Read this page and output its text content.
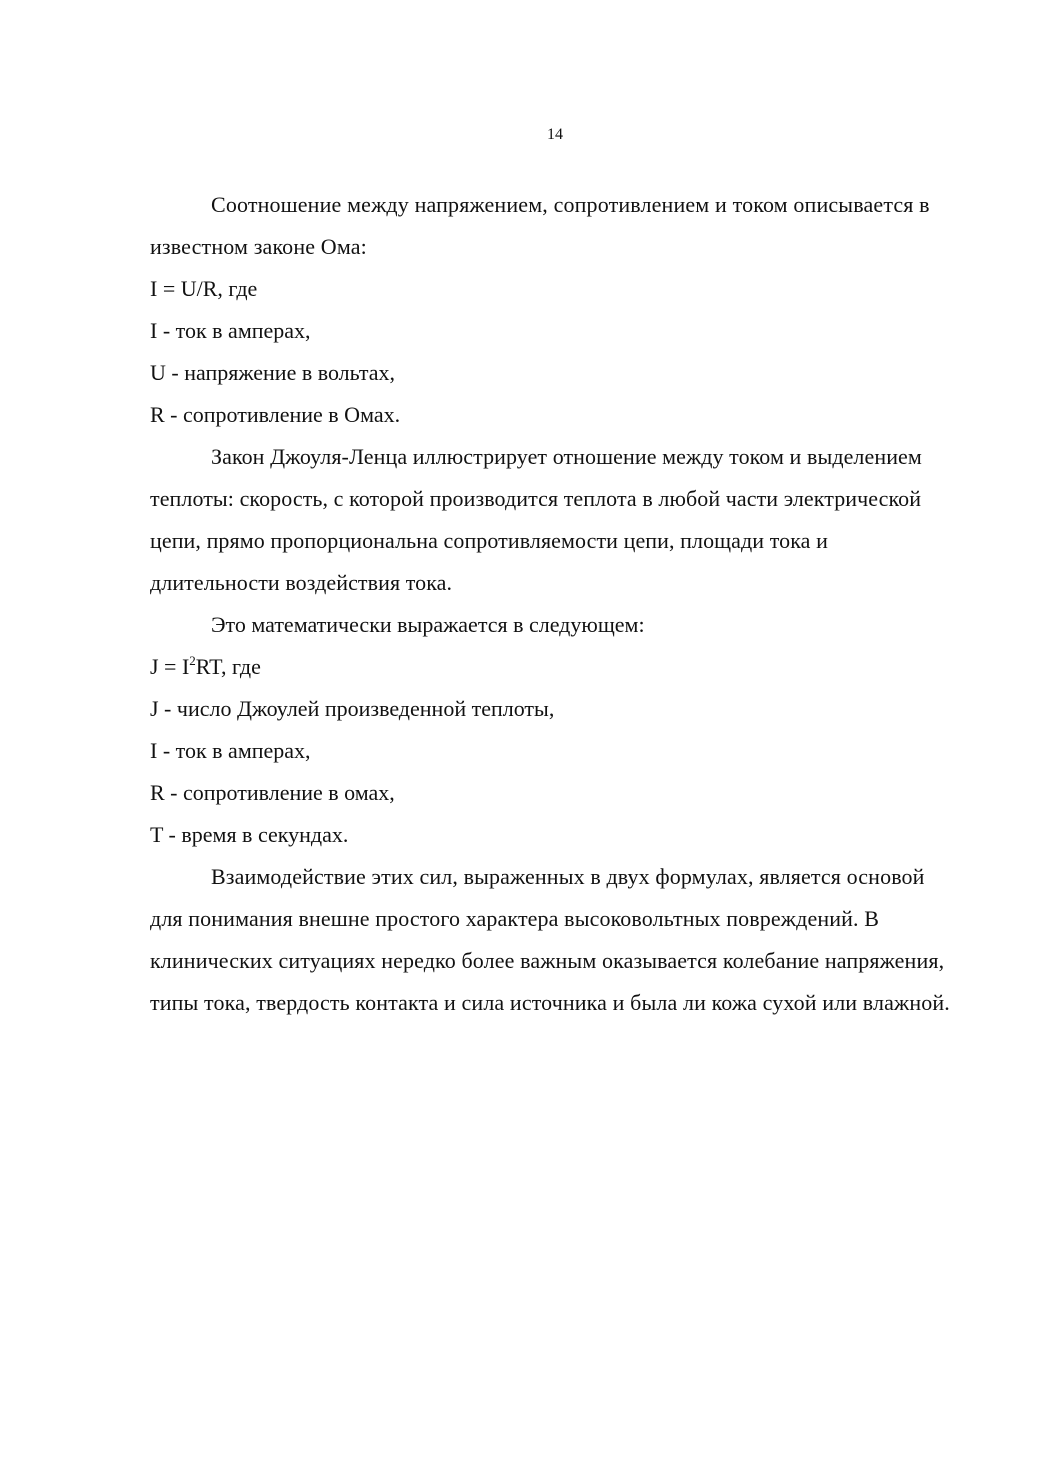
14

Соотношение между напряжением, сопротивлением и током описывается в известном законе Ома:

I = U/R, где

I - ток в амперах,

U - напряжение в вольтах,

R - сопротивление в Омах.

Закон Джоуля-Ленца иллюстрирует отношение между током и выделением теплоты: скорость, с которой производится теплота в любой части электрической цепи, прямо пропорциональна сопротивляемости цепи, площади тока и длительности воздействия тока.

Это математически выражается в следующем:

$J = I^2RT$, где

J - число Джоулей произведенной теплоты,

I - ток в амперах,

R - сопротивление в омах,

T - время в секундах.

Взаимодействие этих сил, выраженных в двух формулах, является основой для понимания внешне простого характера высоковольтных повреждений. В клинических ситуациях нередко более важным оказывается колебание напряжения, типы тока, твердость контакта и сила источника и была ли кожа сухой или влажной.
